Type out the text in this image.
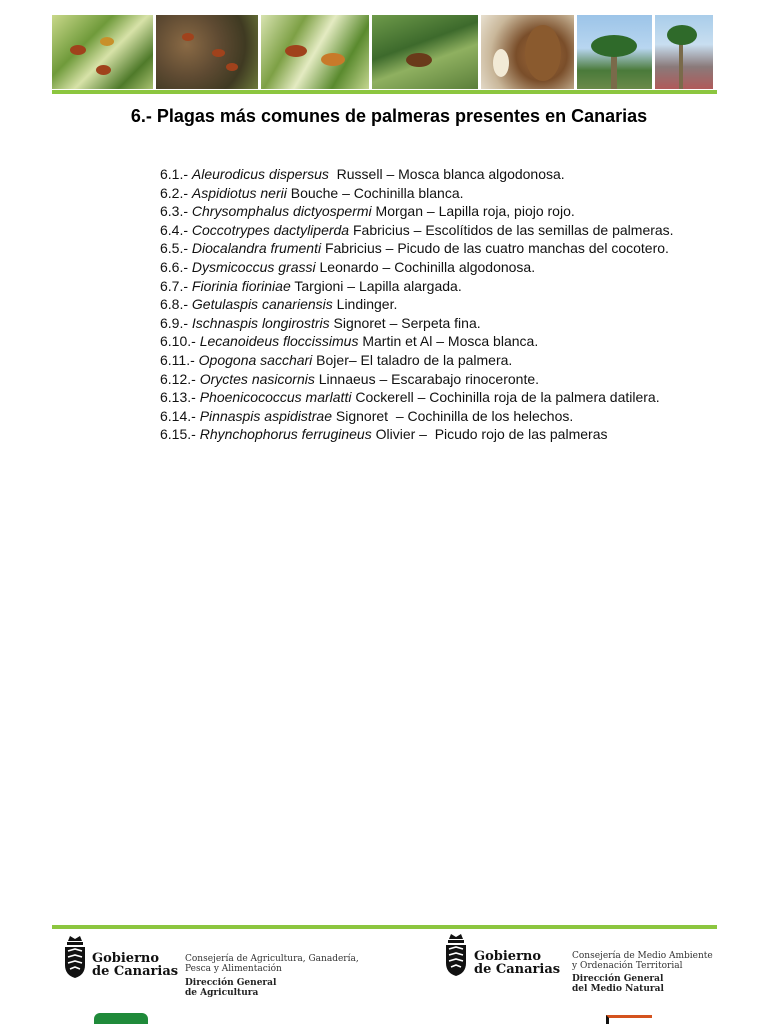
6.- Plagas más comunes de palmeras presentes en Canarias
6.1.- Aleurodicus dispersus  Russell – Mosca blanca algodonosa.
6.2.- Aspidiotus nerii Bouche – Cochinilla blanca.
6.3.- Chrysomphalus dictyospermi Morgan – Lapilla roja, piojo rojo.
6.4.- Coccotrypes dactyliperda Fabricius – Escolítidos de las semillas de palmeras.
6.5.- Diocalandra frumenti Fabricius – Picudo de las cuatro manchas del cocotero.
6.6.- Dysmicoccus grassi Leonardo – Cochinilla algodonosa.
6.7.- Fiorinia fioriniae Targioni – Lapilla alargada.
6.8.- Getulaspis canariensis Lindinger.
6.9.- Ischnaspis longirostris Signoret – Serpeta fina.
6.10.- Lecanoideus floccissimus Martin et Al – Mosca blanca.
6.11.- Opogona sacchari Bojer– El taladro de la palmera.
6.12.- Oryctes nasicornis Linnaeus – Escarabajo rinoceronte.
6.13.- Phoenicococcus marlatti Cockerell – Cochinilla roja de la palmera datilera.
6.14.- Pinnaspis aspidistrae Signoret  – Cochinilla de los helechos.
6.15.- Rhynchophorus ferrugineus Olivier –  Picudo rojo de las palmeras
Gobierno
de Canarias
Consejería de Agricultura, Ganadería,
Pesca y Alimentación
Dirección General
de Agricultura
Gobierno
de Canarias
Consejería de Medio Ambiente
y Ordenación Territorial
Dirección General
del Medio Natural
